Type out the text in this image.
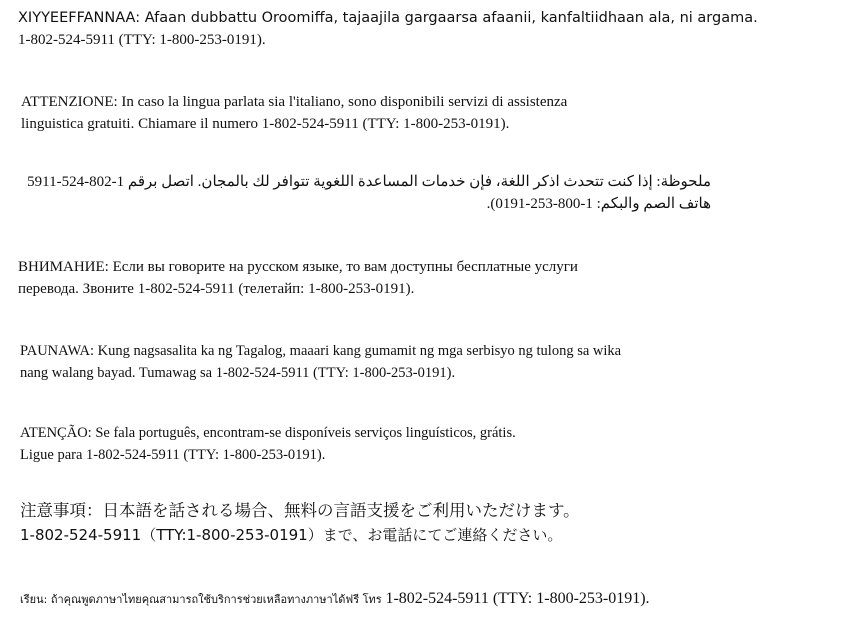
XIYYEEFFANNAA: Afaan dubbattu Oroomiffa, tajaajila gargaarsa afaanii, kanfaltiidhaan ala, ni argama.
1-802-524-5911 (TTY: 1-800-253-0191).
ATTENZIONE: In caso la lingua parlata sia l'italiano, sono disponibili servizi di assistenza
linguistica gratuiti. Chiamare il numero 1-802-524-5911 (TTY: 1-800-253-0191).
ملحوظة: إذا كنت تتحدث اذكر اللغة، فإن خدمات المساعدة اللغوية تتوافر لك بالمجان. اتصل برقم 1-802-524-5911
هاتف الصم والبكم: 1-800-253-0191).
ВНИМАНИЕ: Если вы говорите на русском языке, то вам доступны бесплатные услуги
перевода. Звоните 1-802-524-5911 (телетайп: 1-800-253-0191).
PAUNAWA: Kung nagsasalita ka ng Tagalog, maaari kang gumamit ng mga serbisyo ng tulong sa wika
nang walang bayad. Tumawag sa 1-802-524-5911 (TTY: 1-800-253-0191).
ATENÇÃO: Se fala português, encontram-se disponíveis serviços linguísticos, grátis.
Ligue para 1-802-524-5911 (TTY: 1-800-253-0191).
注意事項：日本語を話される場合、無料の言語支援をご利用いただけます。
1-802-524-5911（TTY:1-800-253-0191）まで、お電話にてご連絡ください。
เรียน: ถ้าคุณพูดภาษาไทยคุณสามารถใช้บริการช่วยเหลือทางภาษาได้ฟรี โทร 1-802-524-5911 (TTY: 1-800-253-0191).
